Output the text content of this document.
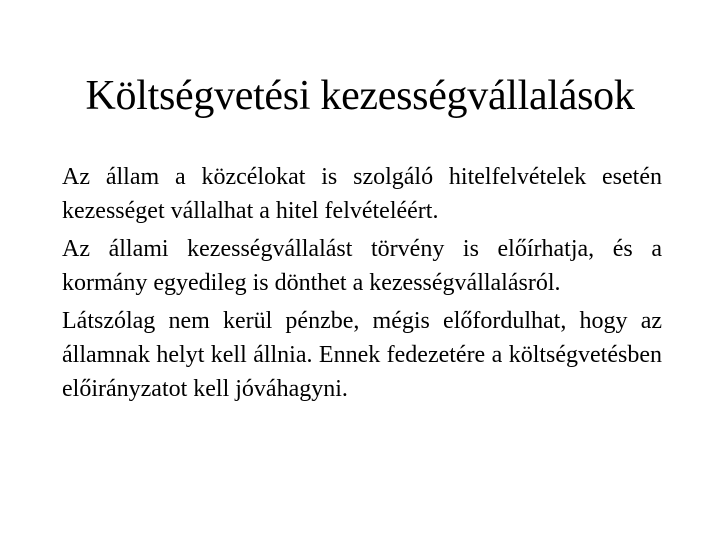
Költségvetési kezességvállalások

Az állam a közcélokat is szolgáló hitelfelvételek esetén kezességet vállalhat a hitel felvételéért.

Az állami kezességvállalást törvény is előírhatja, és a kormány egyedileg is dönthet a kezességvállalásról.

Látszólag nem kerül pénzbe, mégis előfordulhat, hogy az államnak helyt kell állnia. Ennek fedezetére a költségvetésben előirányzatot kell jóváhagyni.
